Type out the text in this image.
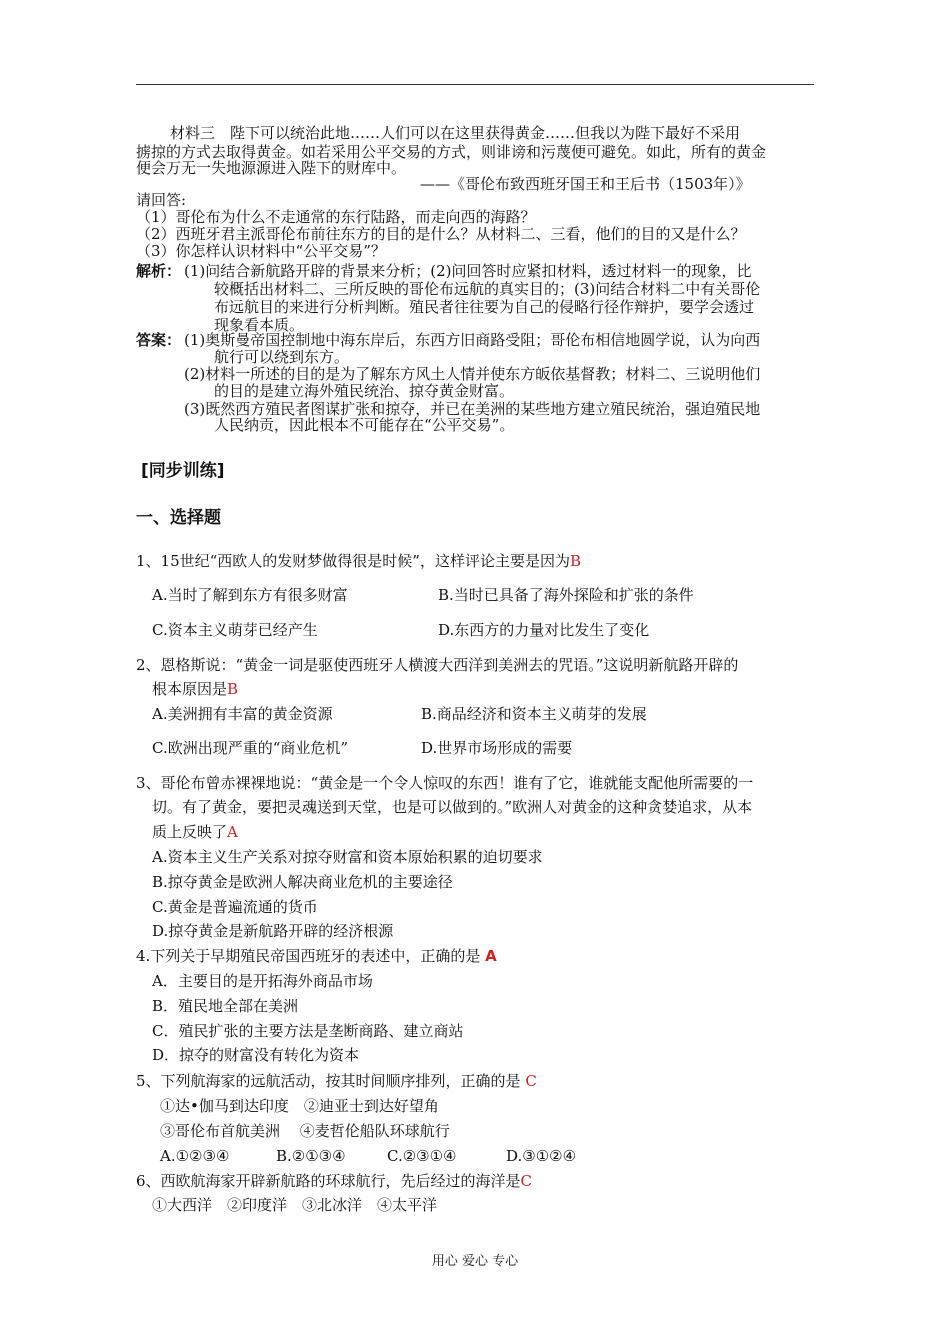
材料三　陛下可以统治此地……人们可以在这里获得黄金……但我以为陛下最好不采用
掳掠的方式去取得黄金。如若采用公平交易的方式，则诽谤和污蔑便可避免。如此，所有的黄金
便会万无一失地源源进入陛下的财库中。
——《哥伦布致西班牙国王和王后书（1503年）》
请回答:
（1）哥伦布为什么不走通常的东行陆路，而走向西的海路？
（2）西班牙君主派哥伦布前往东方的目的是什么？从材料二、三看，他们的目的又是什么？
（3）你怎样认识材料中“公平交易”？
解析： (1)问结合新航路开辟的背景来分析；(2)问回答时应紧扣材料，透过材料一的现象，比
较概括出材料二、三所反映的哥伦布远航的真实目的；(3)问结合材料二中有关哥伦
布远航目的来进行分析判断。殖民者往往要为自己的侵略行径作辩护，要学会透过
现象看本质。
答案： (1)奥斯曼帝国控制地中海东岸后，东西方旧商路受阻；哥伦布相信地圆学说，认为向西
航行可以绕到东方。
(2)材料一所述的目的是为了解东方风土人情并使东方皈依基督教；材料二、三说明他们
的目的是建立海外殖民统治、掠夺黄金财富。
(3)既然西方殖民者图谋扩张和掠夺，并已在美洲的某些地方建立殖民统治，强迫殖民地
人民纳贡，因此根本不可能存在“公平交易”。
[同步训练]
一、选择题
1、15世纪“西欧人的发财梦做得很是时候”，这样评论主要是因为B
A.当时了解到东方有很多财富	B.当时已具备了海外探险和扩张的条件
C.资本主义萌芽已经产生	D.东西方的力量对比发生了变化
2、恩格斯说：“黄金一词是驱使西班牙人横渡大西洋到美洲去的咒语。”这说明新航路开辟的
根本原因是B
A.美洲拥有丰富的黄金资源	B.商品经济和资本主义萌芽的发展
C.欧洲出现严重的“商业危机”	D.世界市场形成的需要
3、哥伦布曾赤裸裸地说：“黄金是一个令人惊叹的东西！谁有了它，谁就能支配他所需要的一
切。有了黄金，要把灵魂送到天堂，也是可以做到的。”欧洲人对黄金的这种贪婪追求，从本
质上反映了A
A.资本主义生产关系对掠夺财富和资本原始积累的迫切要求
B.掠夺黄金是欧洲人解决商业危机的主要途径
C.黄金是普遍流通的货币
D.掠夺黄金是新航路开辟的经济根源
4.下列关于早期殖民帝国西班牙的表述中，正确的是 A
A．主要目的是开拓海外商品市场
B．殖民地全部在美洲
C．殖民扩张的主要方法是垄断商路、建立商站
D．掠夺的财富没有转化为资本
5、下列航海家的远航活动，按其时间顺序排列，正确的是 C
①达•伽马到达印度　②迪亚士到达好望角
③哥伦布首航美洲　 ④麦哲伦船队环球航行
A.①②③④	B.②①③④	C.②③①④	D.③①②④
6、西欧航海家开辟新航路的环球航行，先后经过的海洋是C
①大西洋　②印度洋　③北冰洋　④太平洋
用心 爱心 专心
